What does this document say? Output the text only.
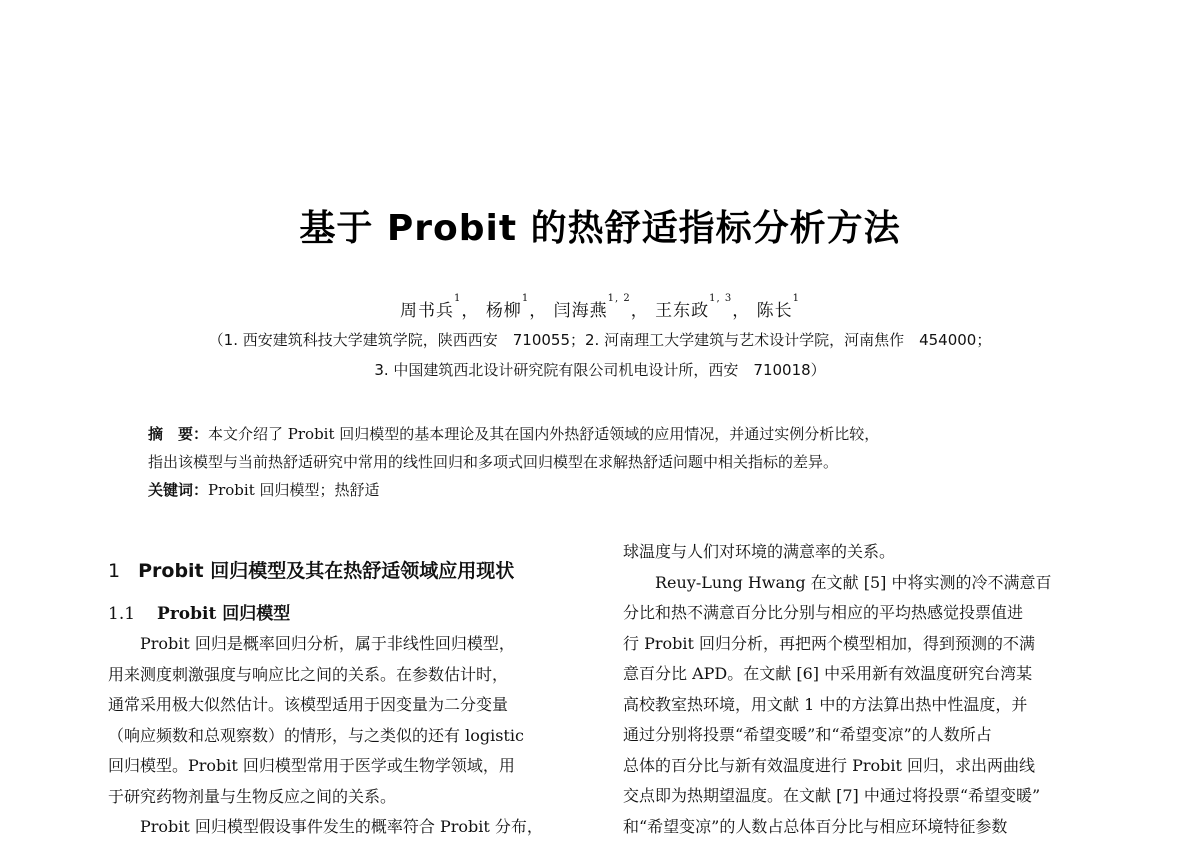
基于 Probit 的热舒适指标分析方法
周书兵$^1$， 杨柳$^1$， 闫海燕$^{1, 2}$， 王东政$^{1, 3}$， 陈长$^1$
（1. 西安建筑科技大学建筑学院，陕西西安　710055；2. 河南理工大学建筑与艺术设计学院，河南焦作　454000；
3. 中国建筑西北设计研究院有限公司机电设计所，西安　710018）
摘　要：本文介绍了 Probit 回归模型的基本理论及其在国内外热舒适领域的应用情况，并通过实例分析比较，
指出该模型与当前热舒适研究中常用的线性回归和多项式回归模型在求解热舒适问题中相关指标的差异。
关键词：Probit 回归模型；热舒适
1 Probit 回归模型及其在热舒适领域应用现状
1.1 Probit 回归模型
Probit 回归是概率回归分析，属于非线性回归模型，
用来测度刺激强度与响应比之间的关系。在参数估计时，
通常采用极大似然估计。该模型适用于因变量为二分变量
（响应频数和总观察数）的情形，与之类似的还有 logistic
回归模型。Probit 回归模型常用于医学或生物学领域，用
于研究药物剂量与生物反应之间的关系。
Probit 回归模型假设事件发生的概率符合 Probit 分布，
球温度与人们对环境的满意率的关系。
Reuy-Lung Hwang 在文献 [5] 中将实测的冷不满意百
分比和热不满意百分比分别与相应的平均热感觉投票值进
行 Probit 回归分析，再把两个模型相加，得到预测的不满
意百分比 APD。在文献 [6] 中采用新有效温度研究台湾某
高校教室热环境，用文献 1 中的方法算出热中性温度，并
通过分别将投票“希望变暖”和“希望变凉”的人数所占
总体的百分比与新有效温度进行 Probit 回归，求出两曲线
交点即为热期望温度。在文献 [7] 中通过将投票“希望变暖”
和“希望变凉”的人数占总体百分比与相应环境特征参数
